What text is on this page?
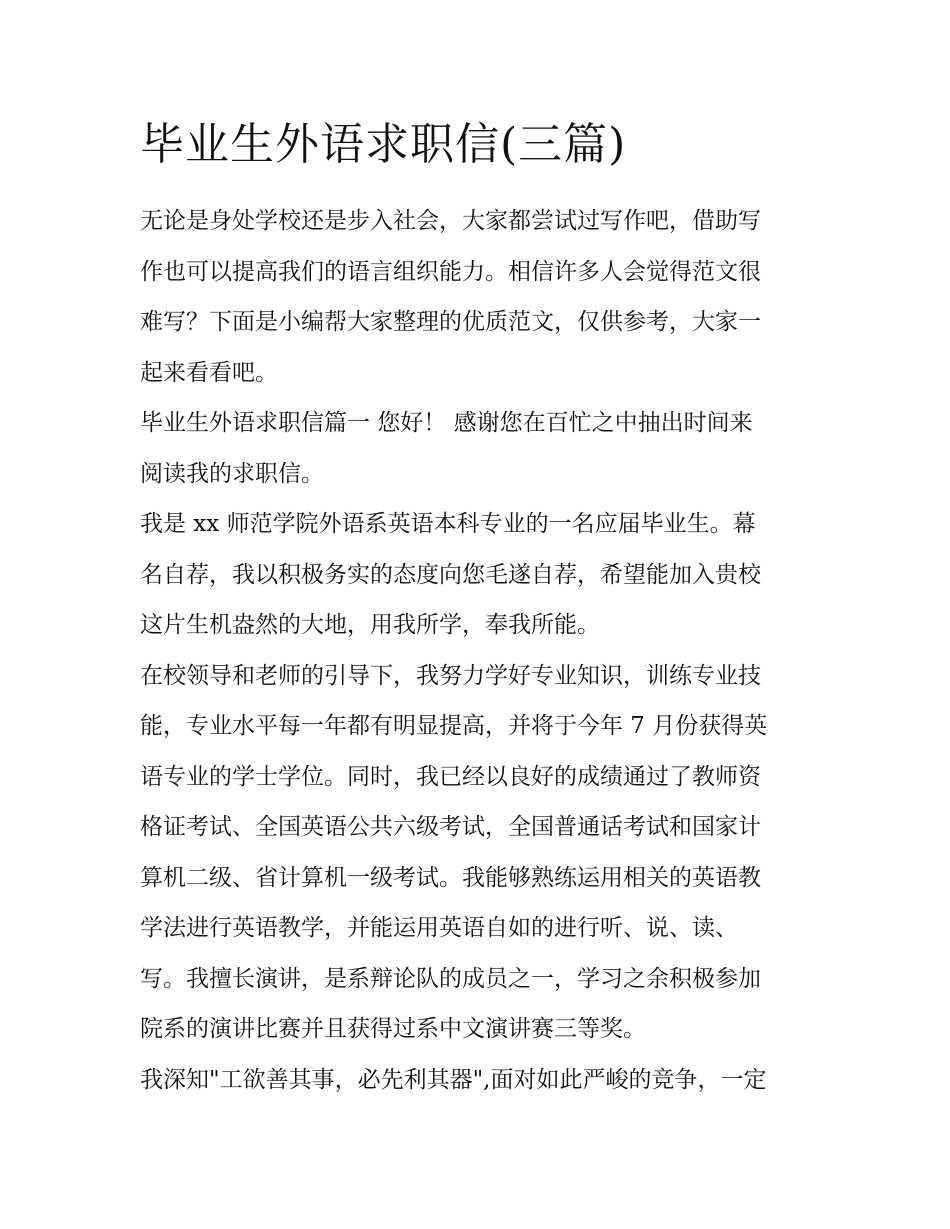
毕业生外语求职信(三篇)

无论是身处学校还是步入社会，大家都尝试过写作吧，借助写
作也可以提高我们的语言组织能力。相信许多人会觉得范文很
难写？下面是小编帮大家整理的优质范文，仅供参考，大家一
起来看看吧。

毕业生外语求职信篇一 您好！ 感谢您在百忙之中抽出时间来
阅读我的求职信。

我是 xx 师范学院外语系英语本科专业的一名应届毕业生。幕
名自荐，我以积极务实的态度向您毛遂自荐，希望能加入贵校
这片生机盎然的大地，用我所学，奉我所能。

在校领导和老师的引导下，我努力学好专业知识，训练专业技
能，专业水平每一年都有明显提高，并将于今年 7 月份获得英
语专业的学士学位。同时，我已经以良好的成绩通过了教师资
格证考试、全国英语公共六级考试，全国普通话考试和国家计
算机二级、省计算机一级考试。我能够熟练运用相关的英语教
学法进行英语教学，并能运用英语自如的进行听、说、读、
写。我擅长演讲，是系辩论队的成员之一，学习之余积极参加
院系的演讲比赛并且获得过系中文演讲赛三等奖。

我深知"工欲善其事，必先利其器",面对如此严峻的竞争，一定
